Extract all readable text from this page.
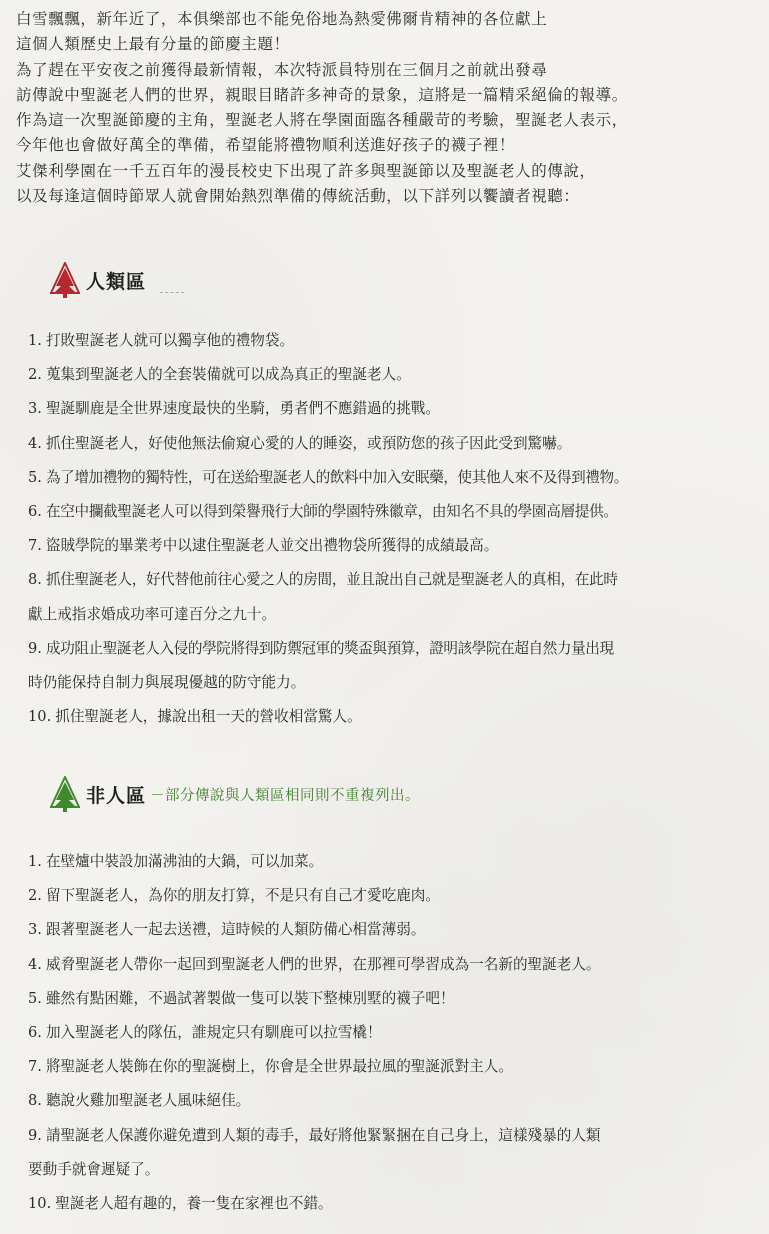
白雪飄飄，新年近了，本俱樂部也不能免俗地為熱愛佛爾肯精神的各位獻上
這個人類歷史上最有分量的節慶主題！
為了趕在平安夜之前獲得最新情報，本次特派員特別在三個月之前就出發尋
訪傳說中聖誕老人們的世界，親眼目睹許多神奇的景象，這將是一篇精采絕倫的報導。
作為這一次聖誕節慶的主角，聖誕老人將在學園面臨各種嚴苛的考驗，聖誕老人表示，
今年他也會做好萬全的準備，希望能將禮物順利送進好孩子的襪子裡！
艾傑利學園在一千五百年的漫長校史下出現了許多與聖誕節以及聖誕老人的傳說，
以及每逢這個時節眾人就會開始熱烈準備的傳統活動，以下詳列以饗讀者視聽：
人類區
1. 打敗聖誕老人就可以獨享他的禮物袋。
2. 蒐集到聖誕老人的全套裝備就可以成為真正的聖誕老人。
3. 聖誕馴鹿是全世界速度最快的坐騎，勇者們不應錯過的挑戰。
4. 抓住聖誕老人，好使他無法偷窺心愛的人的睡姿，或預防您的孩子因此受到驚嚇。
5. 為了增加禮物的獨特性，可在送給聖誕老人的飲料中加入安眠藥，使其他人來不及得到禮物。
6. 在空中攔截聖誕老人可以得到榮譽飛行大師的學園特殊徽章，由知名不具的學園高層提供。
7. 盜賊學院的畢業考中以逮住聖誕老人並交出禮物袋所獲得的成績最高。
8. 抓住聖誕老人，好代替他前往心愛之人的房間，並且說出自己就是聖誕老人的真相，在此時
獻上戒指求婚成功率可達百分之九十。
9. 成功阻止聖誕老人入侵的學院將得到防禦冠軍的獎盃與預算，證明該學院在超自然力量出現
時仍能保持自制力與展現優越的防守能力。
10. 抓住聖誕老人，據說出租一天的營收相當驚人。
非人區 －部分傳說與人類區相同則不重複列出。
1. 在壁爐中裝設加滿沸油的大鍋，可以加菜。
2. 留下聖誕老人，為你的朋友打算，不是只有自己才愛吃鹿肉。
3. 跟著聖誕老人一起去送禮，這時候的人類防備心相當薄弱。
4. 威脅聖誕老人帶你一起回到聖誕老人們的世界，在那裡可學習成為一名新的聖誕老人。
5. 雖然有點困難，不過試著製做一隻可以裝下整棟別墅的襪子吧！
6. 加入聖誕老人的隊伍，誰規定只有馴鹿可以拉雪橇！
7. 將聖誕老人裝飾在你的聖誕樹上，你會是全世界最拉風的聖誕派對主人。
8. 聽說火雞加聖誕老人風味絕佳。
9. 請聖誕老人保護你避免遭到人類的毒手，最好將他緊緊捆在自己身上，這樣殘暴的人類
要動手就會遲疑了。
10. 聖誕老人超有趣的，養一隻在家裡也不錯。
